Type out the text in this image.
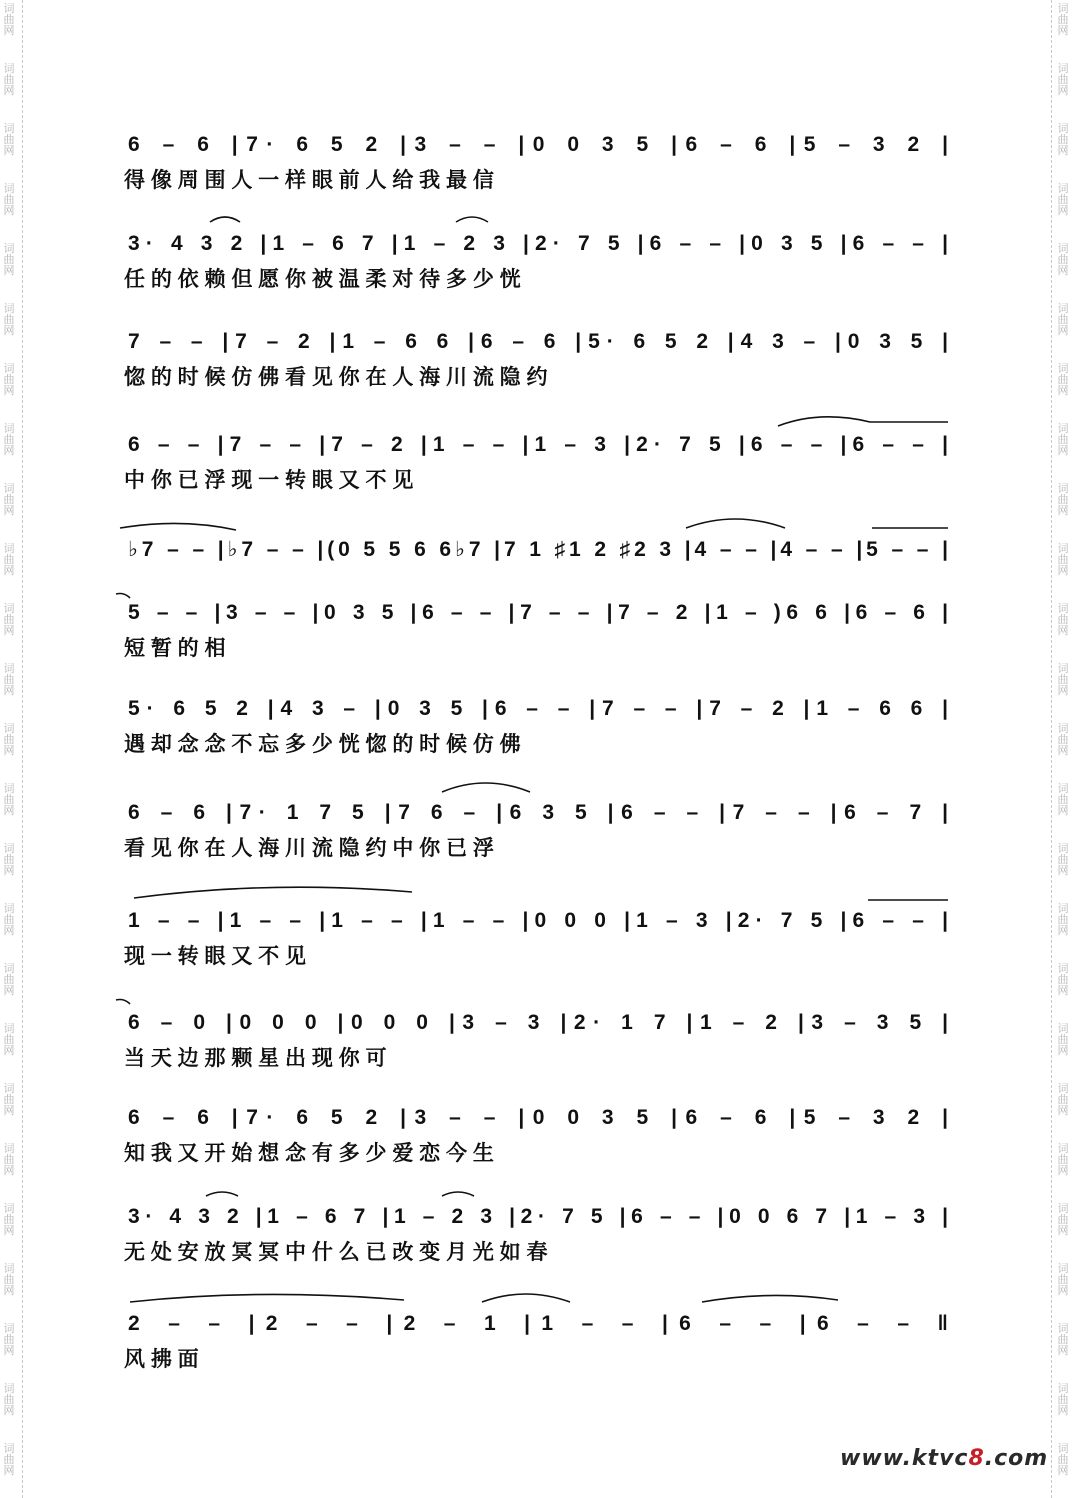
词
曲
网
词
曲
网
词
曲
网
词
曲
网
词
曲
网
词
曲
网
词
曲
网
词
曲
网
词
曲
网
词
曲
网
词
曲
网
词
曲
网
词
曲
网
词
曲
网
词
曲
网
词
曲
网
词
曲
网
词
曲
网
词
曲
网
词
曲
网
词
曲
网
词
曲
网
词
曲
网
词
曲
网
词
曲
网
词
曲
网
词
曲
网
词
曲
网
词
曲
网
词
曲
网
词
曲
网
词
曲
网
词
曲
网
词
曲
网
词
曲
网
词
曲
网
词
曲
网
词
曲
网
词
曲
网
词
曲
网
词
曲
网
词
曲
网
词
曲
网
词
曲
网
词
曲
网
词
曲
网
词
曲
网
词
曲
网
词
曲
网
词
曲
网
6 – 6 |7· 6 5 2 |3 – – |0 0 3 5 |6 – 6 |5 – 3 2 |
得 像 周 围 人 一 样 眼 前 人 给 我 最 信
3· 4 3 2 |1 – 6 7 |1 – 2 3 |2· 7 5 |6 – – |0 3 5 |6 – – |
任 的 依 赖 但 愿 你 被 温 柔 对 待 多 少 恍
7 – – |7 – 2 |1 – 6 6 |6 – 6 |5· 6 5 2 |4 3 – |0 3 5 |
惚 的 时 候 仿 佛 看 见 你 在 人 海 川 流 隐 约
6 – – |7 – – |7 – 2 |1 – – |1 – 3 |2· 7 5 |6 – – |6 – – |
中 你 已 浮 现 一 转 眼 又 不 见
♭7 – – |♭7 – – |(0 5 5 6 6♭7 |7 1 ♯1 2 ♯2 3 |4 – – |4 – – |5 – – |
5 – – |3 – – |0 3 5 |6 – – |7 – – |7 – 2 |1 – )6 6 |6 – 6 |
短 暂 的 相
5· 6 5 2 |4 3 – |0 3 5 |6 – – |7 – – |7 – 2 |1 – 6 6 |
遇 却 念 念 不 忘 多 少 恍 惚 的 时 候 仿 佛
6 – 6 |7· 1 7 5 |7 6 – |6 3 5 |6 – – |7 – – |6 – 7 |
看 见 你 在 人 海 川 流 隐 约 中 你 已 浮
1 – – |1 – – |1 – – |1 – – |0 0 0 |1 – 3 |2· 7 5 |6 – – |
现 一 转 眼 又 不 见
6 – 0 |0 0 0 |0 0 0 |3 – 3 |2· 1 7 |1 – 2 |3 – 3 5 |
当 天 边 那 颗 星 出 现 你 可
6 – 6 |7· 6 5 2 |3 – – |0 0 3 5 |6 – 6 |5 – 3 2 |
知 我 又 开 始 想 念 有 多 少 爱 恋 今 生
3· 4 3 2 |1 – 6 7 |1 – 2 3 |2· 7 5 |6 – – |0 0 6 7 |1 – 3 |
无 处 安 放 冥 冥 中 什 么 已 改 变 月 光 如 春
2 – – |2 – – |2 – 1 |1 – – |6 – – |6 – – ‖
风 拂 面
www.ktvc8.com
